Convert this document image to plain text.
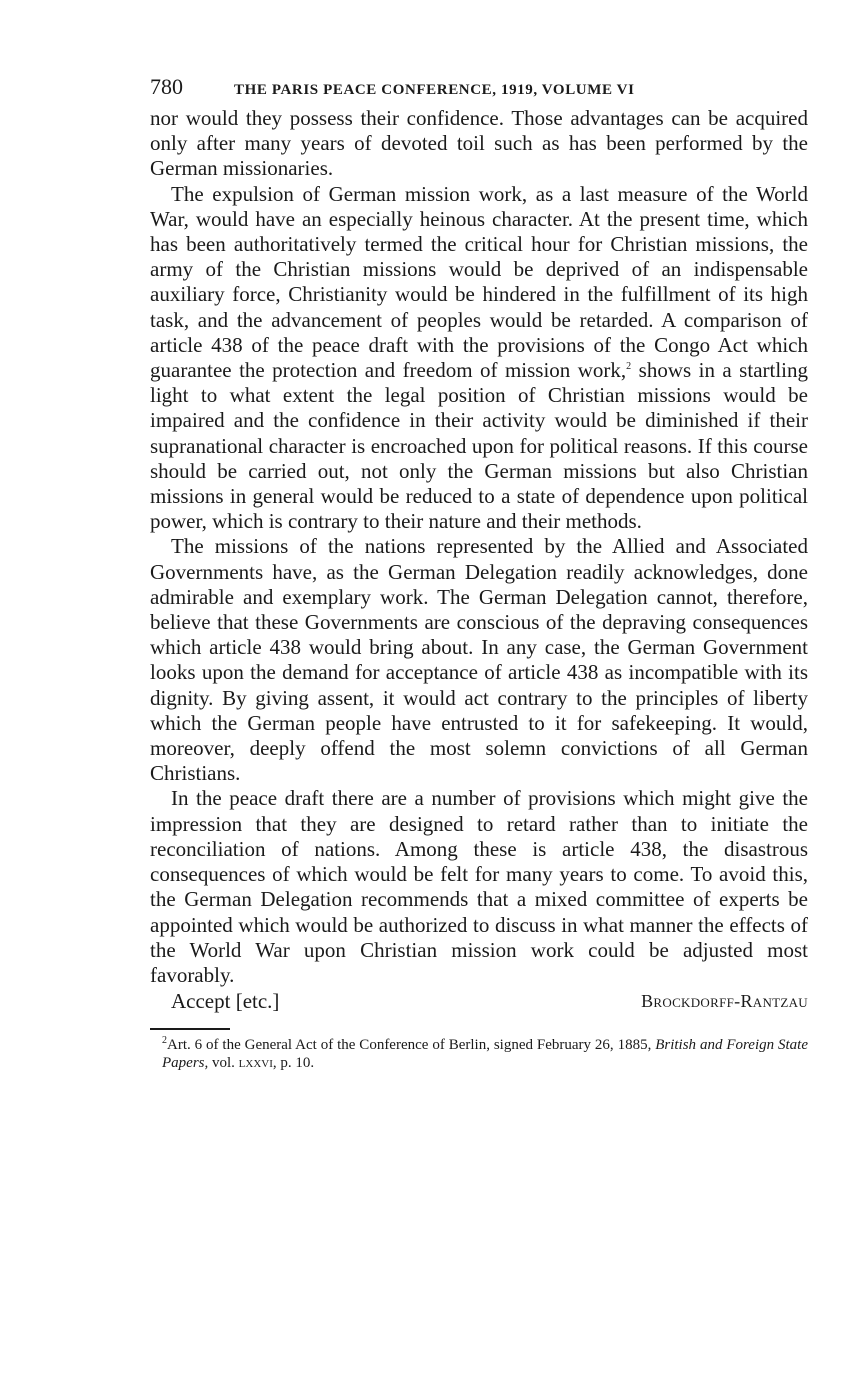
780	THE PARIS PEACE CONFERENCE, 1919, VOLUME VI

nor would they possess their confidence. Those advantages can be acquired only after many years of devoted toil such as has been performed by the German missionaries.

The expulsion of German mission work, as a last measure of the World War, would have an especially heinous character. At the present time, which has been authoritatively termed the critical hour for Christian missions, the army of the Christian missions would be deprived of an indispensable auxiliary force, Christianity would be hindered in the fulfillment of its high task, and the advancement of peoples would be retarded. A comparison of article 438 of the peace draft with the provisions of the Congo Act which guarantee the protection and freedom of mission work,$^2$ shows in a startling light to what extent the legal position of Christian missions would be impaired and the confidence in their activity would be diminished if their supranational character is encroached upon for political reasons. If this course should be carried out, not only the German missions but also Christian missions in general would be reduced to a state of dependence upon political power, which is contrary to their nature and their methods.

The missions of the nations represented by the Allied and Associated Governments have, as the German Delegation readily acknowledges, done admirable and exemplary work. The German Delegation cannot, therefore, believe that these Governments are conscious of the depraving consequences which article 438 would bring about. In any case, the German Government looks upon the demand for acceptance of article 438 as incompatible with its dignity. By giving assent, it would act contrary to the principles of liberty which the German people have entrusted to it for safekeeping. It would, moreover, deeply offend the most solemn convictions of all German Christians.

In the peace draft there are a number of provisions which might give the impression that they are designed to retard rather than to initiate the reconciliation of nations. Among these is article 438, the disastrous consequences of which would be felt for many years to come. To avoid this, the German Delegation recommends that a mixed committee of experts be appointed which would be authorized to discuss in what manner the effects of the World War upon Christian mission work could be adjusted most favorably.

Accept [etc.]	Brockdorff-Rantzau
$^2$Art. 6 of the General Act of the Conference of Berlin, signed February 26, 1885, British and Foreign State Papers, vol. lxxvi, p. 10.
